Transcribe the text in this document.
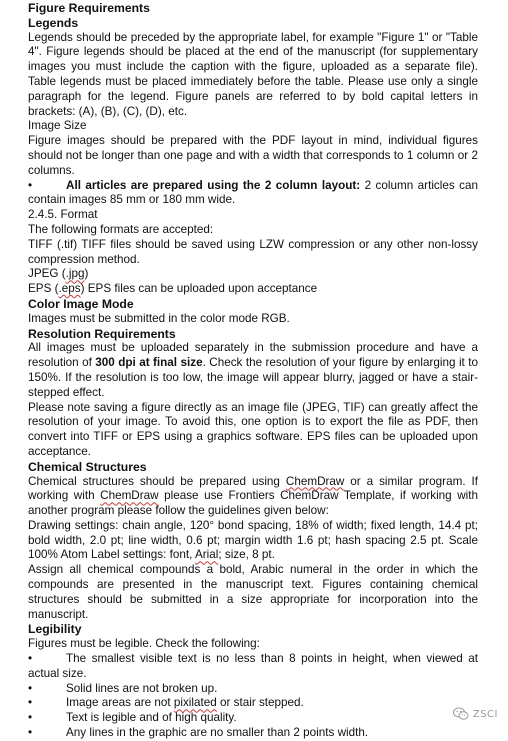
Figure Requirements

Legends

Legends should be preceded by the appropriate label, for example "Figure 1" or "Table 4". Figure legends should be placed at the end of the manuscript (for supplementary images you must include the caption with the figure, uploaded as a separate file). Table legends must be placed immediately before the table. Please use only a single paragraph for the legend. Figure panels are referred to by bold capital letters in brackets: (A), (B), (C), (D), etc.

Image Size

Figure images should be prepared with the PDF layout in mind, individual figures should not be longer than one page and with a width that corresponds to 1 column or 2 columns.

•	All articles are prepared using the 2 column layout: 2 column articles can contain images 85 mm or 180 mm wide.

2.4.5. Format

The following formats are accepted:

TIFF (.tif) TIFF files should be saved using LZW compression or any other non-lossy compression method.

JPEG (.jpg)

EPS (.eps) EPS files can be uploaded upon acceptance

Color Image Mode

Images must be submitted in the color mode RGB.

Resolution Requirements

All images must be uploaded separately in the submission procedure and have a resolution of 300 dpi at final size. Check the resolution of your figure by enlarging it to 150%. If the resolution is too low, the image will appear blurry, jagged or have a stair-stepped effect.

Please note saving a figure directly as an image file (JPEG, TIF) can greatly affect the resolution of your image. To avoid this, one option is to export the file as PDF, then convert into TIFF or EPS using a graphics software. EPS files can be uploaded upon acceptance.

Chemical Structures

Chemical structures should be prepared using ChemDraw or a similar program. If working with ChemDraw please use Frontiers ChemDraw Template, if working with another program please follow the guidelines given below:

Drawing settings: chain angle, 120° bond spacing, 18% of width; fixed length, 14.4 pt; bold width, 2.0 pt; line width, 0.6 pt; margin width 1.6 pt; hash spacing 2.5 pt. Scale 100% Atom Label settings: font, Arial; size, 8 pt.

Assign all chemical compounds a bold, Arabic numeral in the order in which the compounds are presented in the manuscript text. Figures containing chemical structures should be submitted in a size appropriate for incorporation into the manuscript.

Legibility

Figures must be legible. Check the following:

•	The smallest visible text is no less than 8 points in height, when viewed at actual size.

•	Solid lines are not broken up.
•	Image areas are not pixilated or stair stepped.
•	Text is legible and of high quality.
•	Any lines in the graphic are no smaller than 2 points width.
ZSCI
